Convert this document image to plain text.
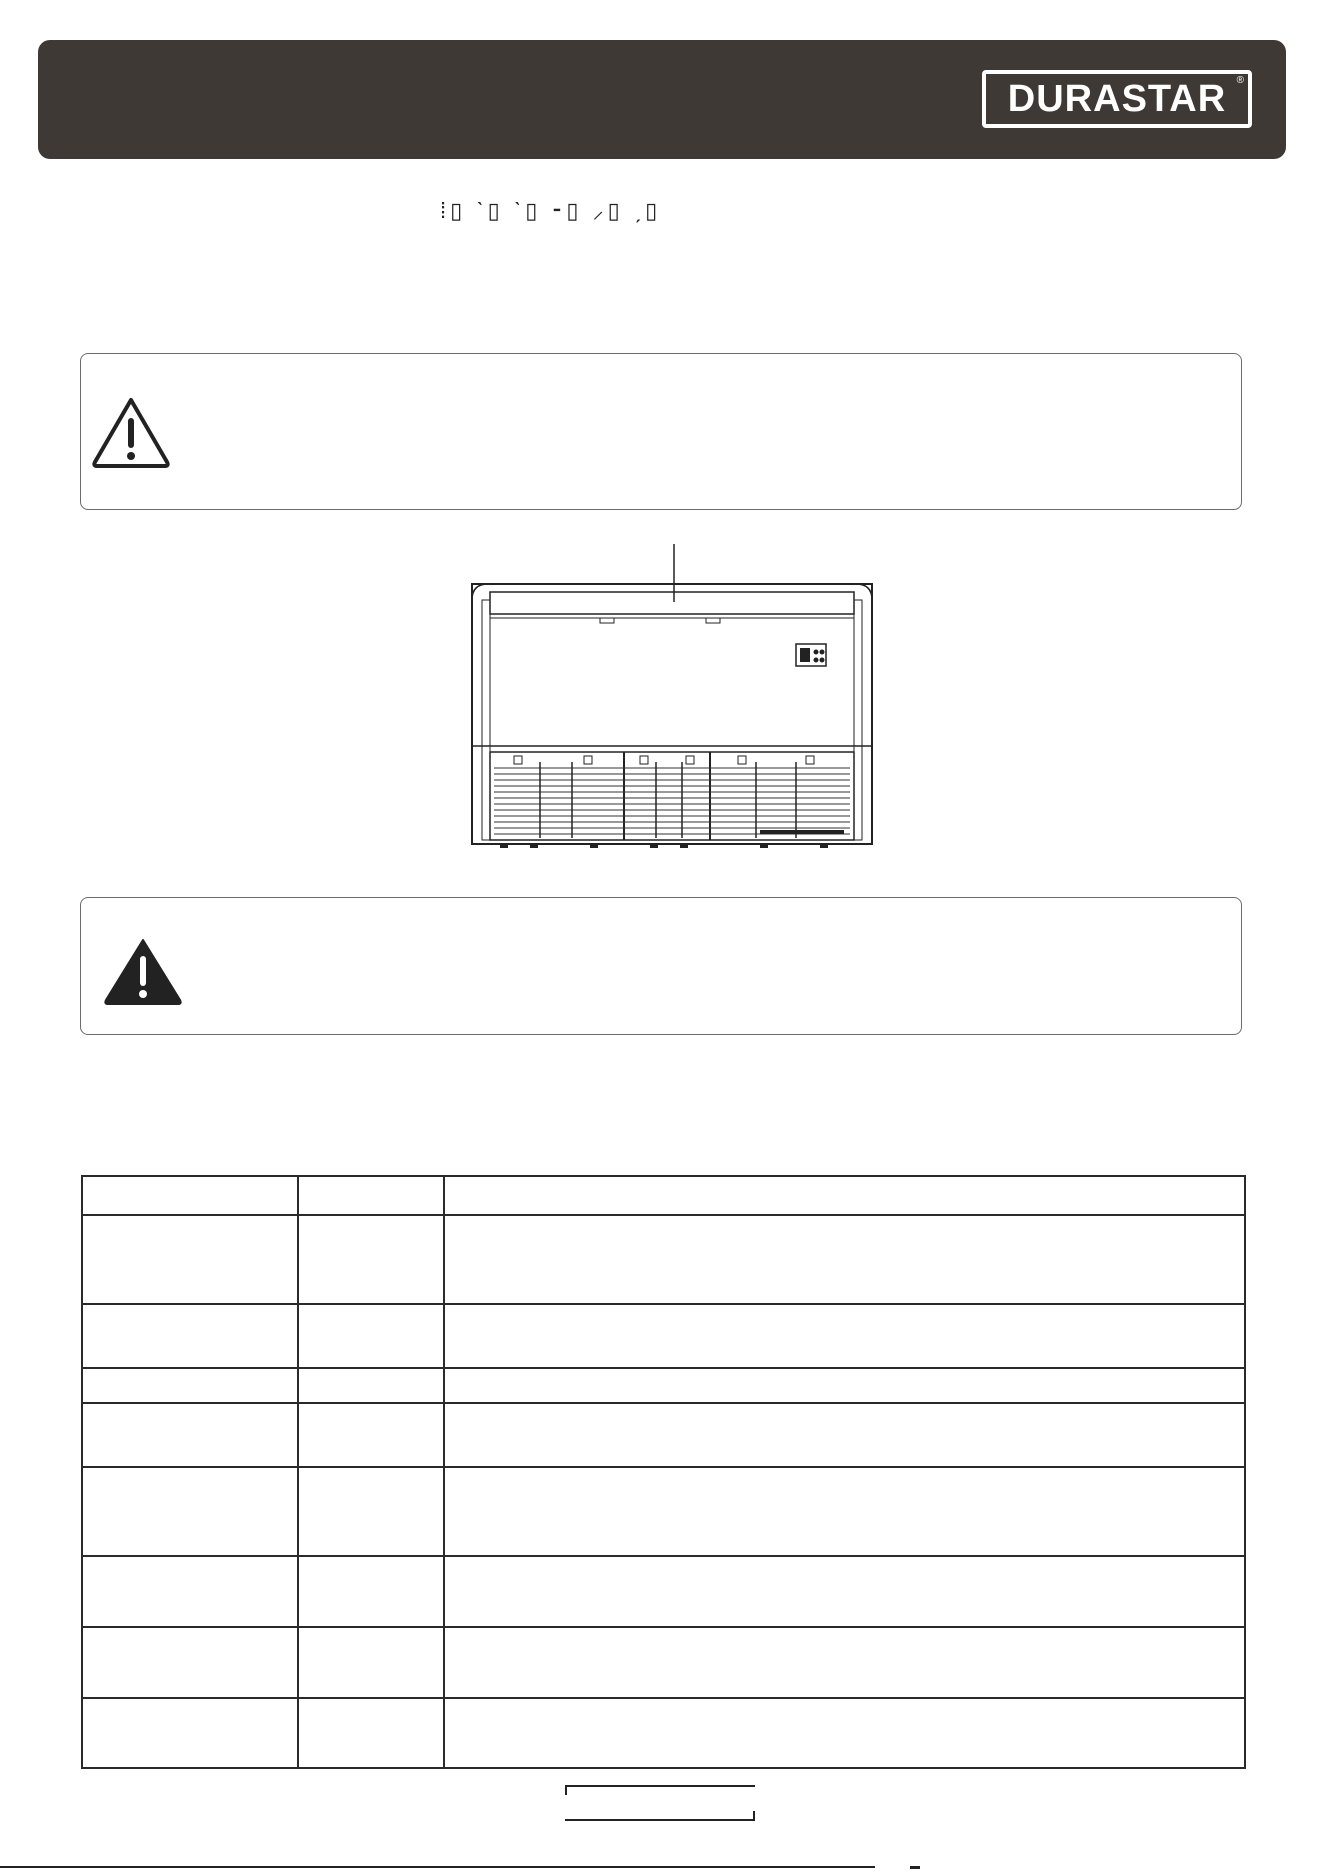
DURASTAR ®
⁞▯ ˋ▯ ˋ▯ ⁃▯ ⸝▯ ˏ▯
